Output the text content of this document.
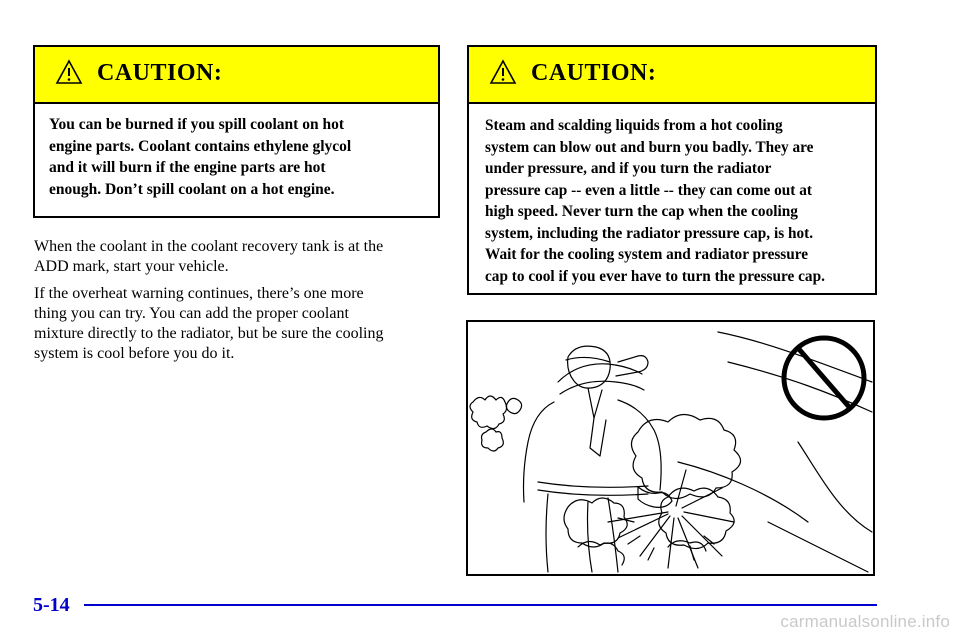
CAUTION:
You can be burned if you spill coolant on hot
engine parts. Coolant contains ethylene glycol
and it will burn if the engine parts are hot
enough. Don’t spill coolant on a hot engine.
CAUTION:
Steam and scalding liquids from a hot cooling
system can blow out and burn you badly. They are
under pressure, and if you turn the radiator
pressure cap -- even a little -- they can come out at
high speed. Never turn the cap when the cooling
system, including the radiator pressure cap, is hot.
Wait for the cooling system and radiator pressure
cap to cool if you ever have to turn the pressure cap.
When the coolant in the coolant recovery tank is at the
ADD mark, start your vehicle.
If the overheat warning continues, there’s one more
thing you can try. You can add the proper coolant
mixture directly to the radiator, but be sure the cooling
system is cool before you do it.
5-14
carmanualsonline.info
